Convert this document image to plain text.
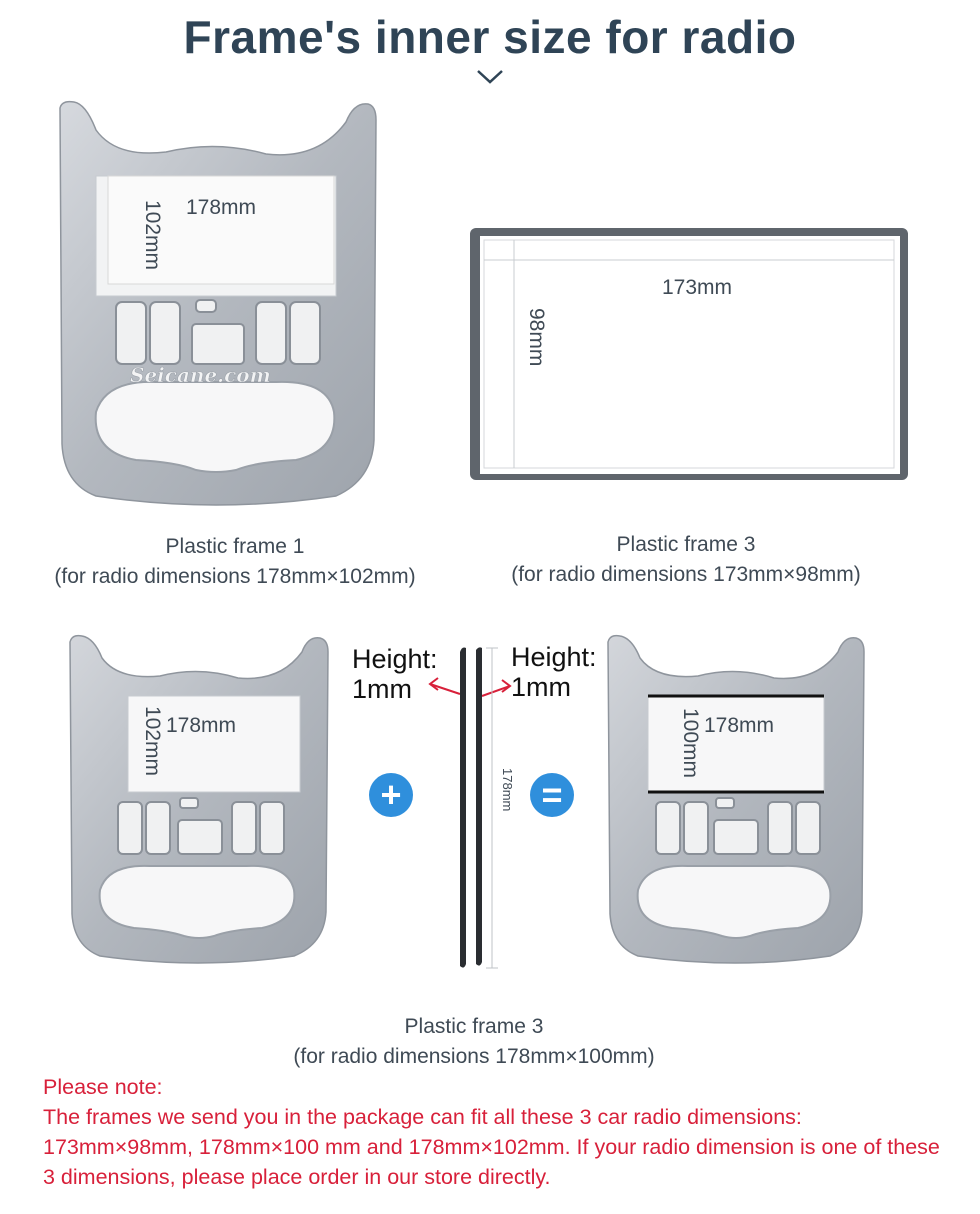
Frame's inner size for radio
Seicane.com
178mm
102mm
Plastic frame 1
(for radio dimensions 178mm×102mm)
173mm
98mm
Plastic frame 3
(for radio dimensions 173mm×98mm)
178mm
102mm
+
Height:
1mm
Height:
1mm
178mm =
178mm
100mm
Plastic frame 3
(for radio dimensions 178mm×100mm)

Please note:

The frames we send you in the package can fit all these 3 car radio dimensions: 173mm×98mm, 178mm×100 mm and 178mm×102mm. If your radio dimension is one of these 3 dimensions, please place order in our store directly.
